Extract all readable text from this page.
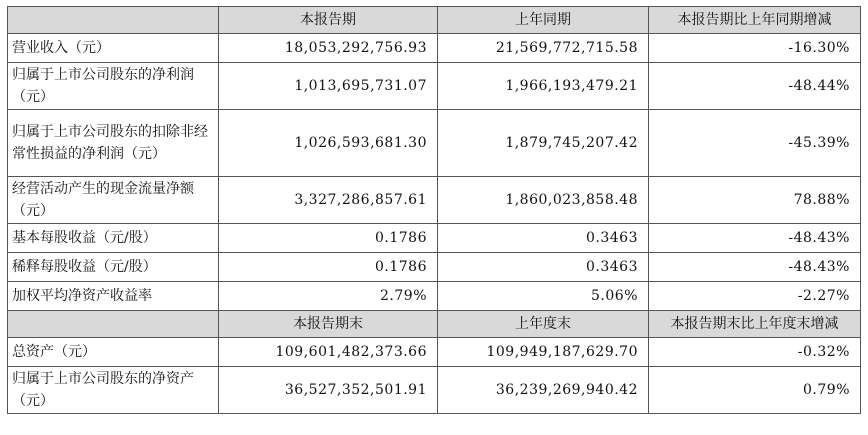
	本报告期	上年同期	本报告期比上年同期增减
营业收入（元）	18,053,292,756.93	21,569,772,715.58	-16.30%
归属于上市公司股东的净利润（元）	1,013,695,731.07	1,966,193,479.21	-48.44%
归属于上市公司股东的扣除非经常性损益的净利润（元）	1,026,593,681.30	1,879,745,207.42	-45.39%
经营活动产生的现金流量净额（元）	3,327,286,857.61	1,860,023,858.48	78.88%
基本每股收益（元/股）	0.1786	0.3463	-48.43%
稀释每股收益（元/股）	0.1786	0.3463	-48.43%
加权平均净资产收益率	2.79%	5.06%	-2.27%
	本报告期末	上年度末	本报告期末比上年度末增减
总资产（元）	109,601,482,373.66	109,949,187,629.70	-0.32%
归属于上市公司股东的净资产（元）	36,527,352,501.91	36,239,269,940.42	0.79%
